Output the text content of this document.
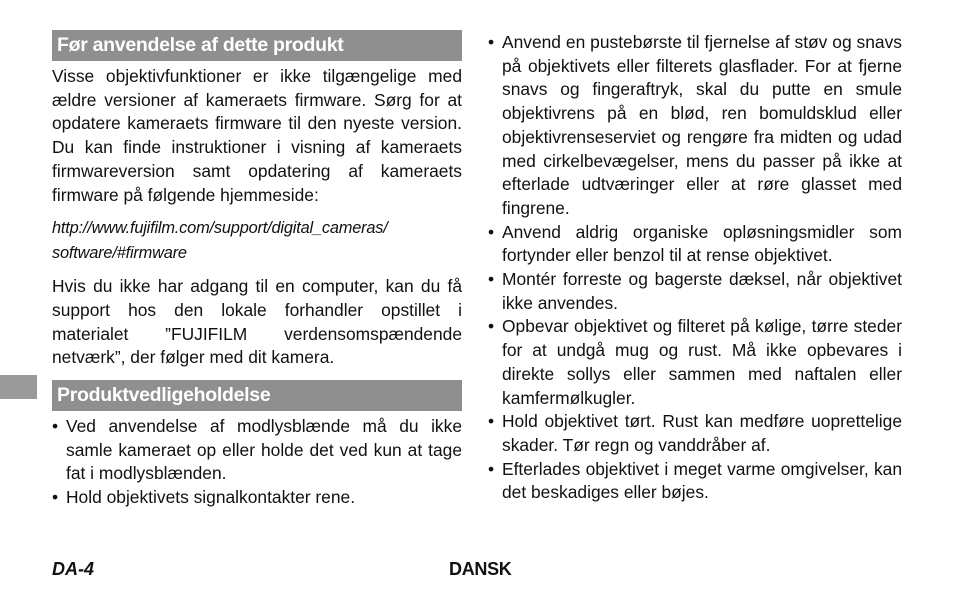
Før anvendelse af dette produkt

Visse objektivfunktioner er ikke tilgængelige med ældre versioner af kameraets firmware. Sørg for at opdatere kameraets firmware til den nyeste version. Du kan finde instruktioner i visning af kameraets firmwareversion samt opdatering af kameraets firmware på følgende hjemmeside:

http://www.fujifilm.com/support/digital_cameras/
software/#firmware

Hvis du ikke har adgang til en computer, kan du få support hos den lokale forhandler opstillet i materialet ”FUJIFILM verdensomspændende netværk”, der følger med dit kamera.

Produktvedligeholdelse
• Ved anvendelse af modlysblænde må du ikke samle kameraet op eller holde det ved kun at tage fat i modlysblænden.
• Hold objektivets signalkontakter rene.
• Anvend en pustebørste til fjernelse af støv og snavs på objektivets eller filterets glasflader. For at fjerne snavs og fingeraftryk, skal du putte en smule objektivrens på en blød, ren bomuldsklud eller objektivrenseserviet og rengøre fra midten og udad med cirkelbevægelser, mens du passer på ikke at efterlade udtværinger eller at røre glasset med fingrene.
• Anvend aldrig organiske opløsningsmidler som fortynder eller benzol til at rense objektivet.
• Montér forreste og bagerste dæksel, når objektivet ikke anvendes.
• Opbevar objektivet og filteret på kølige, tørre steder for at undgå mug og rust. Må ikke opbevares i direkte sollys eller sammen med naftalen eller kamfermølkugler.
• Hold objektivet tørt. Rust kan medføre uoprettelige skader. Tør regn og vanddråber af.
• Efterlades objektivet i meget varme omgivelser, kan det beskadiges eller bøjes.
DA-4	DANSK
